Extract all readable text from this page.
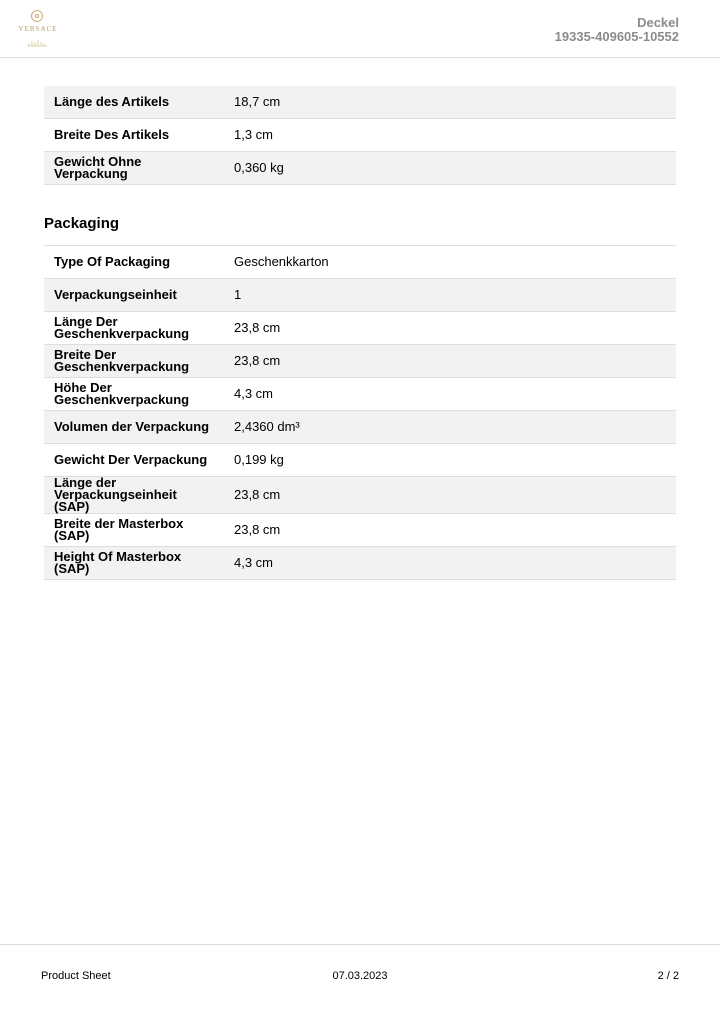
VERSACE	Deckel
19335-409605-10552
Länge des Artikels	18,7 cm
Breite Des Artikels	1,3 cm
Gewicht Ohne Verpackung	0,360 kg
Packaging
Type Of Packaging	Geschenkkarton
Verpackungseinheit	1
Länge Der Geschenkverpackung	23,8 cm
Breite Der Geschenkverpackung	23,8 cm
Höhe Der Geschenkverpackung	4,3 cm
Volumen der Verpackung	2,4360 dm³
Gewicht Der Verpackung	0,199 kg
Länge der Verpackungseinheit (SAP)	23,8 cm
Breite der Masterbox (SAP)	23,8 cm
Height Of Masterbox (SAP)	4,3 cm
Product Sheet	07.03.2023	2 / 2
